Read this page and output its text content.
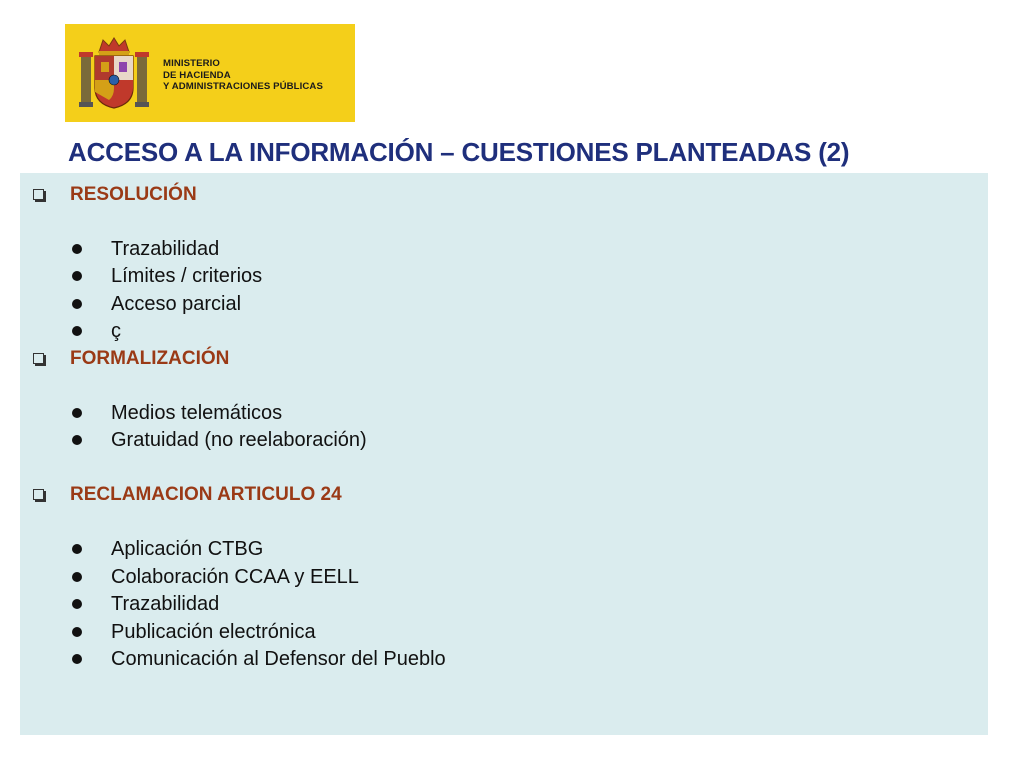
MINISTERIO
DE HACIENDA
Y ADMINISTRACIONES PÚBLICAS
ACCESO A LA INFORMACIÓN – CUESTIONES PLANTEADAS (2)
RESOLUCIÓN
Trazabilidad
Límites / criterios
Acceso parcial
ç
FORMALIZACIÓN
Medios telemáticos
Gratuidad (no reelaboración)
RECLAMACION ARTICULO 24
Aplicación CTBG
Colaboración CCAA y EELL
Trazabilidad
Publicación electrónica
Comunicación al Defensor del Pueblo
